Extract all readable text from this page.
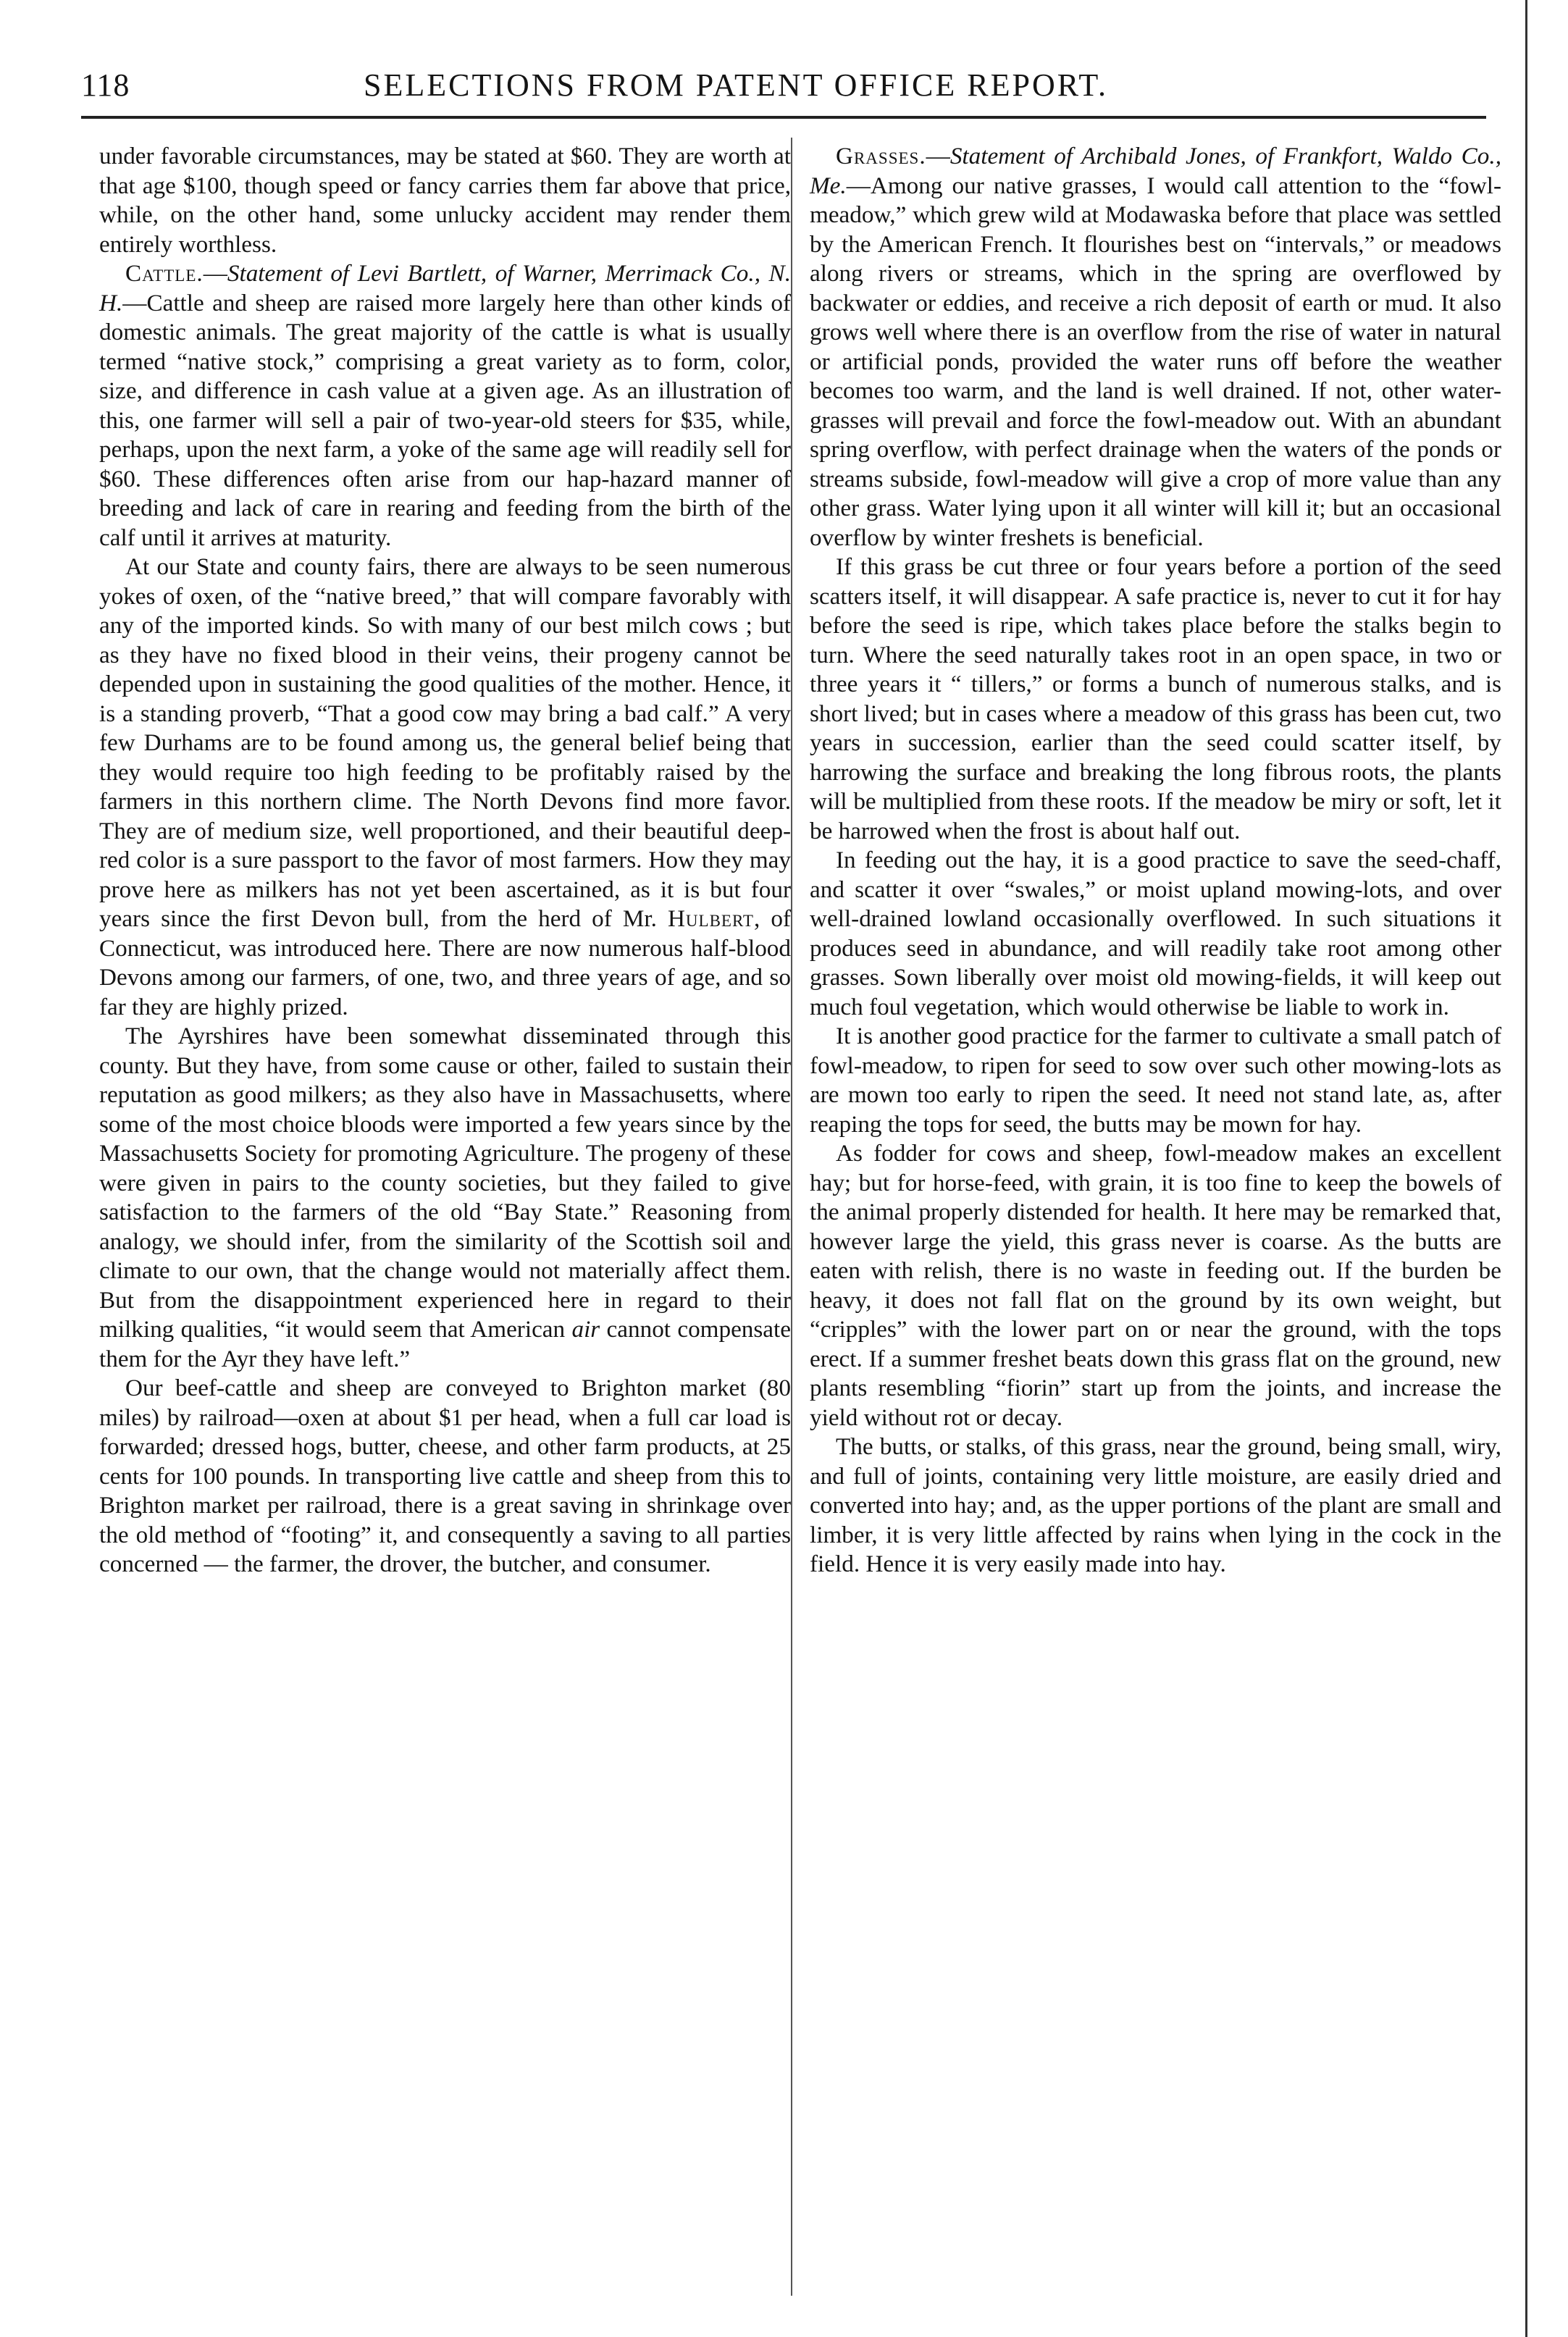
118	SELECTIONS FROM PATENT OFFICE REPORT.

under favorable circumstances, may be stated at $60. They are worth at that age $100, though speed or fancy carries them far above that price, while, on the other hand, some unlucky accident may render them entirely worthless.

Cattle.—Statement of Levi Bartlett, of Warner, Merrimack Co., N. H.—Cattle and sheep are raised more largely here than other kinds of domestic animals. The great majority of the cattle is what is usually termed “native stock,” comprising a great variety as to form, color, size, and difference in cash value at a given age. As an illustration of this, one farmer will sell a pair of two-year-old steers for $35, while, perhaps, upon the next farm, a yoke of the same age will readily sell for $60. These differences often arise from our hap-hazard manner of breeding and lack of care in rearing and feeding from the birth of the calf until it arrives at maturity.

At our State and county fairs, there are always to be seen numerous yokes of oxen, of the “native breed,” that will compare favorably with any of the imported kinds. So with many of our best milch cows ; but as they have no fixed blood in their veins, their progeny cannot be depended upon in sustaining the good qualities of the mother. Hence, it is a standing proverb, “That a good cow may bring a bad calf.” A very few Durhams are to be found among us, the general belief being that they would require too high feeding to be profitably raised by the farmers in this northern clime. The North Devons find more favor. They are of medium size, well proportioned, and their beautiful deep-red color is a sure passport to the favor of most farmers. How they may prove here as milkers has not yet been ascertained, as it is but four years since the first Devon bull, from the herd of Mr. Hulbert, of Connecticut, was introduced here. There are now numerous half-blood Devons among our farmers, of one, two, and three years of age, and so far they are highly prized.

The Ayrshires have been somewhat disseminated through this county. But they have, from some cause or other, failed to sustain their reputation as good milkers; as they also have in Massachusetts, where some of the most choice bloods were imported a few years since by the Massachusetts Society for promoting Agriculture. The progeny of these were given in pairs to the county societies, but they failed to give satisfaction to the farmers of the old “Bay State.” Reasoning from analogy, we should infer, from the similarity of the Scottish soil and climate to our own, that the change would not materially affect them. But from the disappointment experienced here in regard to their milking qualities, “it would seem that American air cannot compensate them for the Ayr they have left.”

Our beef-cattle and sheep are conveyed to Brighton market (80 miles) by railroad—oxen at about $1 per head, when a full car load is forwarded; dressed hogs, butter, cheese, and other farm products, at 25 cents for 100 pounds. In transporting live cattle and sheep from this to Brighton market per railroad, there is a great saving in shrinkage over the old method of “footing” it, and consequently a saving to all parties concerned — the farmer, the drover, the butcher, and consumer.

Grasses.—Statement of Archibald Jones, of Frankfort, Waldo Co., Me.—Among our native grasses, I would call attention to the “fowl-meadow,” which grew wild at Modawaska before that place was settled by the American French. It flourishes best on “intervals,” or meadows along rivers or streams, which in the spring are overflowed by backwater or eddies, and receive a rich deposit of earth or mud. It also grows well where there is an overflow from the rise of water in natural or artificial ponds, provided the water runs off before the weather becomes too warm, and the land is well drained. If not, other water-grasses will prevail and force the fowl-meadow out. With an abundant spring overflow, with perfect drainage when the waters of the ponds or streams subside, fowl-meadow will give a crop of more value than any other grass. Water lying upon it all winter will kill it; but an occasional overflow by winter freshets is beneficial.

If this grass be cut three or four years before a portion of the seed scatters itself, it will disappear. A safe practice is, never to cut it for hay before the seed is ripe, which takes place before the stalks begin to turn. Where the seed naturally takes root in an open space, in two or three years it “ tillers,” or forms a bunch of numerous stalks, and is short lived; but in cases where a meadow of this grass has been cut, two years in succession, earlier than the seed could scatter itself, by harrowing the surface and breaking the long fibrous roots, the plants will be multiplied from these roots. If the meadow be miry or soft, let it be harrowed when the frost is about half out.

In feeding out the hay, it is a good practice to save the seed-chaff, and scatter it over “swales,” or moist upland mowing-lots, and over well-drained lowland occasionally overflowed. In such situations it produces seed in abundance, and will readily take root among other grasses. Sown liberally over moist old mowing-fields, it will keep out much foul vegetation, which would otherwise be liable to work in.

It is another good practice for the farmer to cultivate a small patch of fowl-meadow, to ripen for seed to sow over such other mowing-lots as are mown too early to ripen the seed. It need not stand late, as, after reaping the tops for seed, the butts may be mown for hay.

As fodder for cows and sheep, fowl-meadow makes an excellent hay; but for horse-feed, with grain, it is too fine to keep the bowels of the animal properly distended for health. It here may be remarked that, however large the yield, this grass never is coarse. As the butts are eaten with relish, there is no waste in feeding out. If the burden be heavy, it does not fall flat on the ground by its own weight, but “cripples” with the lower part on or near the ground, with the tops erect. If a summer freshet beats down this grass flat on the ground, new plants resembling “fiorin” start up from the joints, and increase the yield without rot or decay.

The butts, or stalks, of this grass, near the ground, being small, wiry, and full of joints, containing very little moisture, are easily dried and converted into hay; and, as the upper portions of the plant are small and limber, it is very little affected by rains when lying in the cock in the field. Hence it is very easily made into hay.
